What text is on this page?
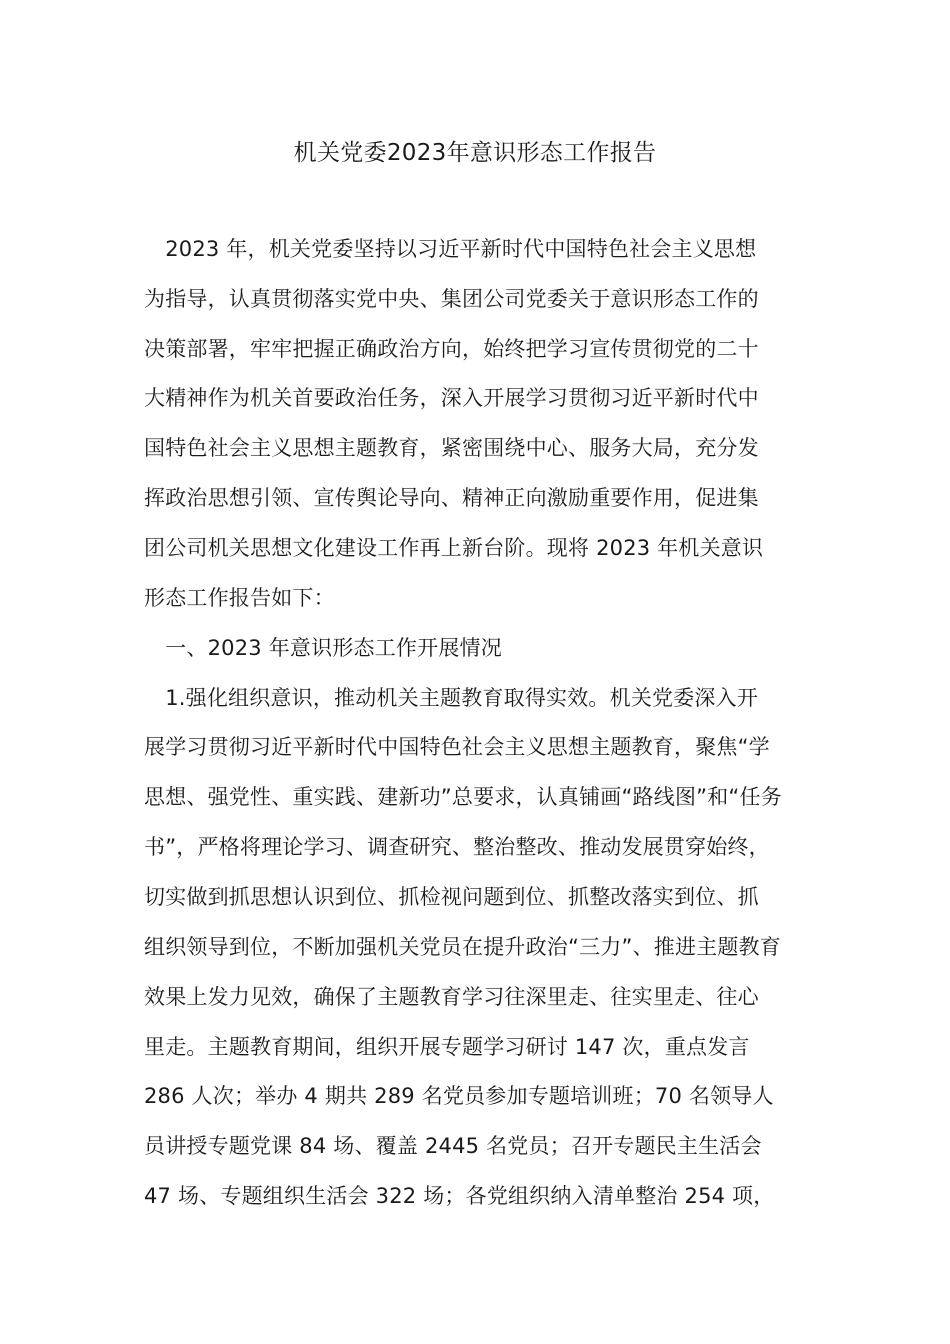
机关党委2023年意识形态工作报告
　2023 年，机关党委坚持以习近平新时代中国特色社会主义思想
为指导，认真贯彻落实党中央、集团公司党委关于意识形态工作的
决策部署，牢牢把握正确政治方向，始终把学习宣传贯彻党的二十
大精神作为机关首要政治任务，深入开展学习贯彻习近平新时代中
国特色社会主义思想主题教育，紧密围绕中心、服务大局，充分发
挥政治思想引领、宣传舆论导向、精神正向激励重要作用，促进集
团公司机关思想文化建设工作再上新台阶。现将 2023 年机关意识
形态工作报告如下：
　一、2023 年意识形态工作开展情况
　1.强化组织意识，推动机关主题教育取得实效。机关党委深入开
展学习贯彻习近平新时代中国特色社会主义思想主题教育，聚焦“学
思想、强党性、重实践、建新功”总要求，认真铺画“路线图”和“任务
书”，严格将理论学习、调查研究、整治整改、推动发展贯穿始终，
切实做到抓思想认识到位、抓检视问题到位、抓整改落实到位、抓
组织领导到位，不断加强机关党员在提升政治“三力”、推进主题教育
效果上发力见效，确保了主题教育学习往深里走、往实里走、往心
里走。主题教育期间，组织开展专题学习研讨 147 次，重点发言
286 人次；举办 4 期共 289 名党员参加专题培训班；70 名领导人
员讲授专题党课 84 场、覆盖 2445 名党员；召开专题民主生活会
47 场、专题组织生活会 322 场；各党组织纳入清单整治 254 项，
